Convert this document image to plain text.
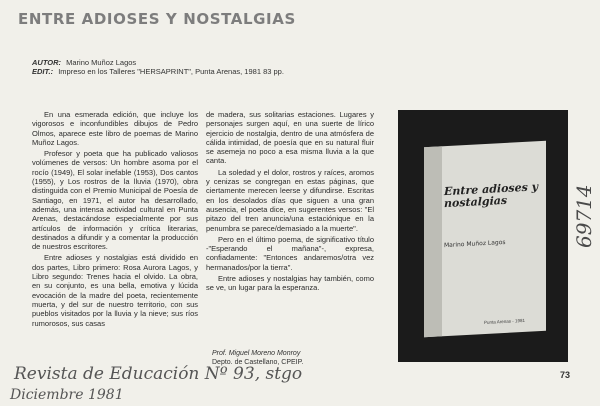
ENTRE ADIOSES Y NOSTALGIAS
AUTOR: Marino Muñoz Lagos
EDIT.: Impreso en los Talleres "HERSAPRINT", Punta Arenas, 1981 83 pp.

En una esmerada edición, que incluye los vigorosos e inconfundibles dibujos de Pedro Olmos, aparece este libro de poemas de Marino Muñoz Lagos.

Profesor y poeta que ha publicado valiosos volúmenes de versos: Un hombre asoma por el rocío (1949), El solar inefable (1953), Dos cantos (1955), y Los rostros de la lluvia (1970), obra distinguida con el Premio Municipal de Poesía de Santiago, en 1971, el autor ha desarrollado, además, una intensa actividad cultural en Punta Arenas, destacándose especialmente por sus artículos de información y crítica literarias, destinados a difundir y a comentar la producción de nuestros escritores.

Entre adioses y nostalgias está dividido en dos partes, Libro primero: Rosa Aurora Lagos, y Libro segundo: Trenes hacia el olvido. La obra, en su conjunto, es una bella, emotiva y lúcida evocación de la madre del poeta, recientemente muerta, y del sur de nuestro territorio, con sus pueblos visitados por la lluvia y la nieve; sus ríos rumorosos, sus casas

de madera, sus solitarias estaciones. Lugares y personajes surgen aquí, en una suerte de lírico ejercicio de nostalgia, dentro de una atmósfera de cálida intimidad, de poesía que en su natural fluir se asemeja no poco a esa misma lluvia a la que canta.

La soledad y el dolor, rostros y raíces, aromos y cenizas se congregan en estas páginas, que ciertamente merecen leerse y difundirse. Escritas en los desolados días que siguen a una gran ausencia, el poeta dice, en sugerentes versos: "El pitazo del tren anuncia/una estaciónique en la penumbra se parece/demasiado a la muerte".

Pero en el último poema, de significativo título -"Esperando el mañana"-, expresa, confiadamente: "Entonces andaremos/otra vez hermanados/por la tierra".

Entre adioses y nostalgias hay también, como se ve, un lugar para la esperanza.

Prof. Miguel Moreno Monroy
Depto. de Castellano, CPEIP.
Entre adioses y nostalgias
Marino Muñoz Lagos
Punta Arenas - 1981
73
Revista de Educación Nº 93, stgo
Diciembre 1981
69714
